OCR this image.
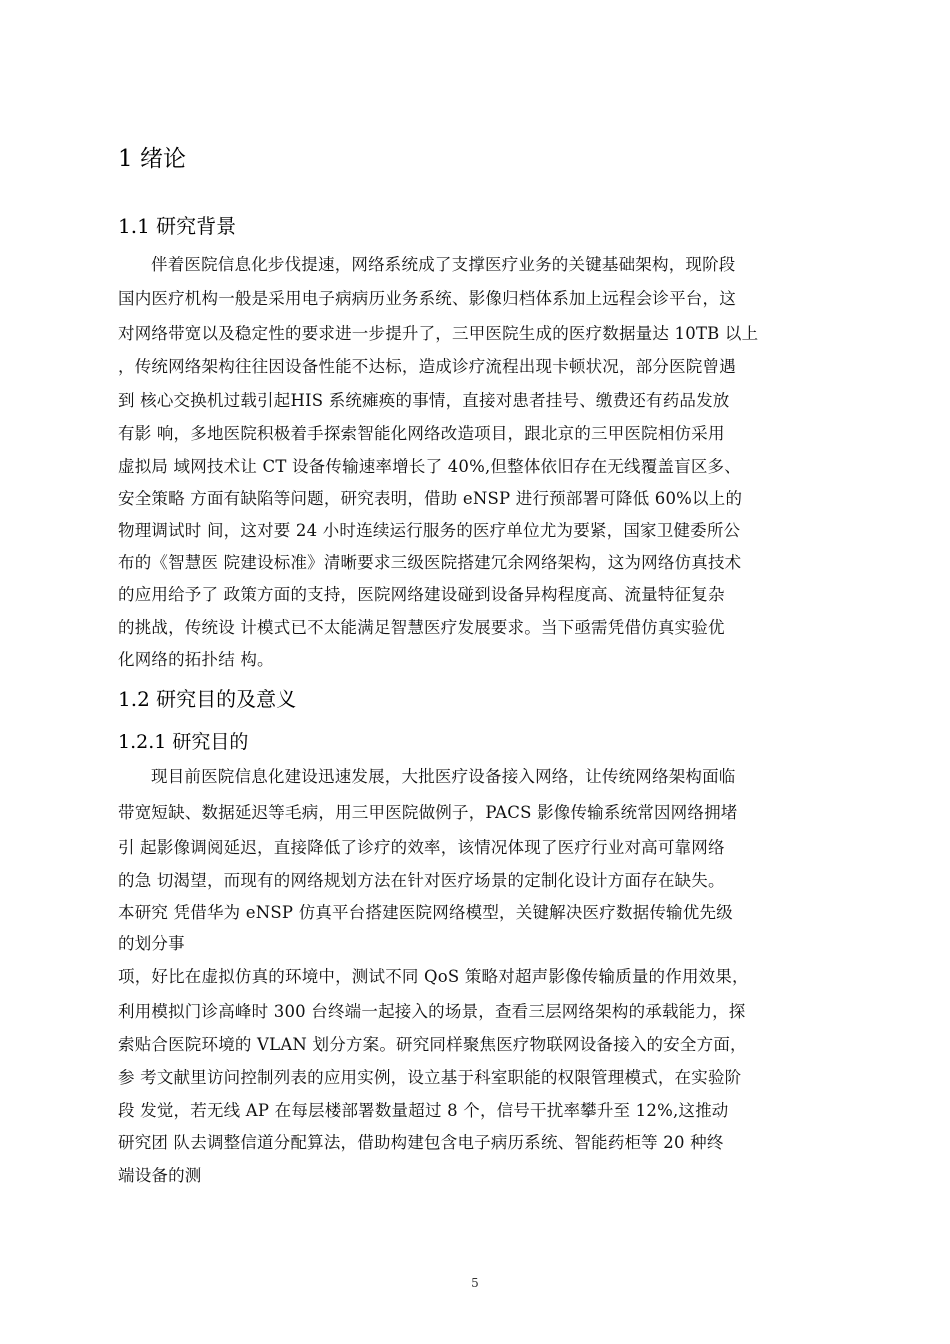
1 绪论
1.1 研究背景
伴着医院信息化步伐提速，网络系统成了支撑医疗业务的关键基础架构，现阶段
国内医疗机构一般是采用电子病病历业务系统、影像归档体系加上远程会诊平台，这
对网络带宽以及稳定性的要求进一步提升了，三甲医院生成的医疗数据量达 10TB 以上
，传统网络架构往往因设备性能不达标，造成诊疗流程出现卡顿状况，部分医院曾遇
到 核心交换机过载引起HIS 系统瘫痪的事情，直接对患者挂号、缴费还有药品发放
有影 响，多地医院积极着手探索智能化网络改造项目，跟北京的三甲医院相仿采用
虚拟局 域网技术让 CT 设备传输速率增长了 40%,但整体依旧存在无线覆盖盲区多、
安全策略 方面有缺陷等问题，研究表明，借助 eNSP 进行预部署可降低 60%以上的
物理调试时 间，这对要 24 小时连续运行服务的医疗单位尤为要紧，国家卫健委所公
布的《智慧医 院建设标准》清晰要求三级医院搭建冗余网络架构，这为网络仿真技术
的应用给予了 政策方面的支持，医院网络建设碰到设备异构程度高、流量特征复杂
的挑战，传统设 计模式已不太能满足智慧医疗发展要求。当下亟需凭借仿真实验优
化网络的拓扑结 构。
1.2 研究目的及意义
1.2.1 研究目的
现目前医院信息化建设迅速发展，大批医疗设备接入网络，让传统网络架构面临
带宽短缺、数据延迟等毛病，用三甲医院做例子，PACS 影像传输系统常因网络拥堵
引 起影像调阅延迟，直接降低了诊疗的效率，该情况体现了医疗行业对高可靠网络
的急 切渴望，而现有的网络规划方法在针对医疗场景的定制化设计方面存在缺失。
本研究 凭借华为 eNSP 仿真平台搭建医院网络模型，关键解决医疗数据传输优先级
的划分事
项，好比在虚拟仿真的环境中，测试不同 QoS 策略对超声影像传输质量的作用效果，
利用模拟门诊高峰时 300 台终端一起接入的场景，查看三层网络架构的承载能力，探
索贴合医院环境的 VLAN 划分方案。研究同样聚焦医疗物联网设备接入的安全方面，
参 考文献里访问控制列表的应用实例，设立基于科室职能的权限管理模式，在实验阶
段 发觉，若无线 AP 在每层楼部署数量超过 8 个，信号干扰率攀升至 12%,这推动
研究团 队去调整信道分配算法，借助构建包含电子病历系统、智能药柜等 20 种终
端设备的测
5
